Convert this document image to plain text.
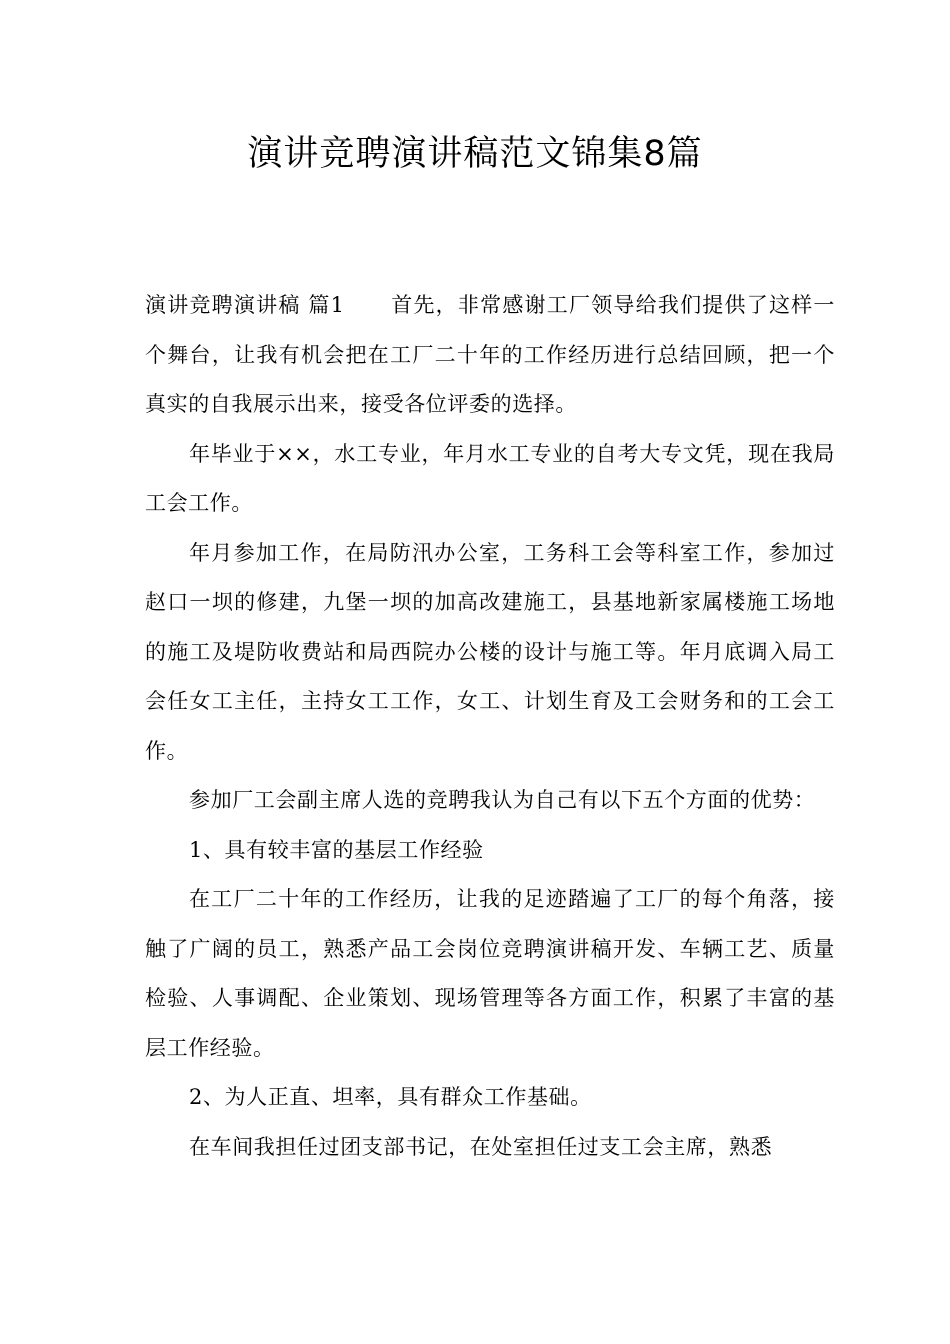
演讲竞聘演讲稿范文锦集8篇

演讲竞聘演讲稿 篇1 首先，非常感谢工厂领导给我们提供了这样一个舞台，让我有机会把在工厂二十年的工作经历进行总结回顾，把一个真实的自我展示出来，接受各位评委的选择。

年毕业于××，水工专业，年月水工专业的自考大专文凭，现在我局工会工作。

年月参加工作，在局防汛办公室，工务科工会等科室工作，参加过赵口一坝的修建，九堡一坝的加高改建施工，县基地新家属楼施工场地的施工及堤防收费站和局西院办公楼的设计与施工等。年月底调入局工会任女工主任，主持女工工作，女工、计划生育及工会财务和的工会工作。

参加厂工会副主席人选的竞聘我认为自己有以下五个方面的优势：

1、具有较丰富的基层工作经验

在工厂二十年的工作经历，让我的足迹踏遍了工厂的每个角落，接触了广阔的员工，熟悉产品工会岗位竞聘演讲稿开发、车辆工艺、质量检验、人事调配、企业策划、现场管理等各方面工作，积累了丰富的基层工作经验。

2、为人正直、坦率，具有群众工作基础。

在车间我担任过团支部书记，在处室担任过支工会主席，熟悉
